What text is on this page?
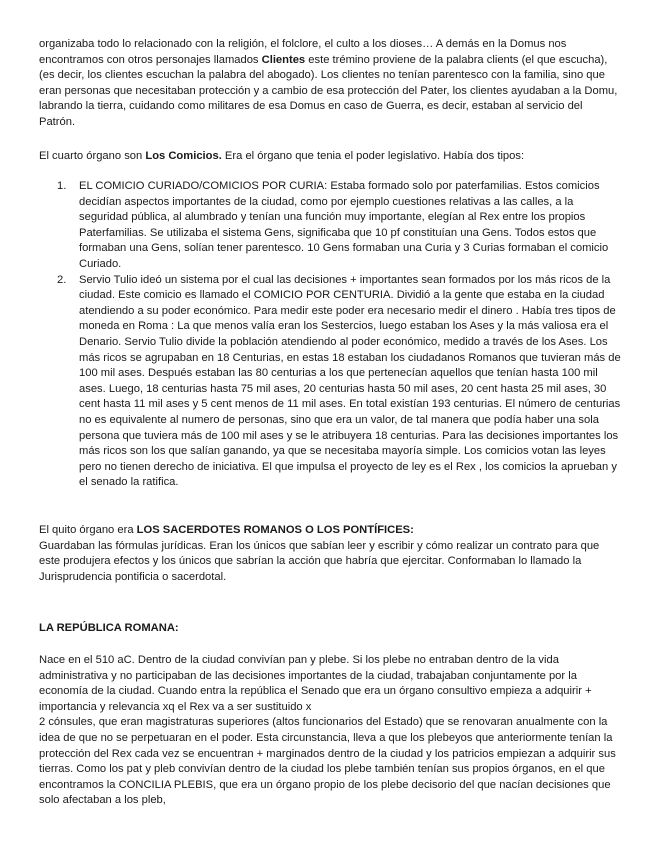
organizaba todo lo relacionado con la religión, el folclore, el culto a los dioses… A demás en la Domus nos encontramos con otros personajes llamados Clientes este trémino proviene de la palabra clients (el que escucha), (es decir, los clientes escuchan la palabra del abogado). Los clientes no tenían parentesco con la familia, sino que eran personas que necesitaban protección y a cambio de esa protección del Pater, los clientes ayudaban a la Domu, labrando la tierra, cuidando como militares de esa Domus en caso de Guerra, es decir, estaban al servicio del Patrón.

El cuarto órgano son Los Comicios. Era el órgano que tenia el poder legislativo. Había dos tipos:

1. EL COMICIO CURIADO/COMICIOS POR CURIA: Estaba formado solo por paterfamilias. Estos comicios decidían aspectos importantes de la ciudad, como por ejemplo cuestiones relativas a las calles, a la seguridad pública, al alumbrado y tenían una función muy importante, elegían al Rex entre los propios Paterfamilias. Se utilizaba el sistema Gens, significaba que 10 pf constituían una Gens. Todos estos que formaban una Gens, solían tener parentesco. 10 Gens formaban una Curia y 3 Curias formaban el comicio Curiado.
2. Servio Tulio ideó un sistema por el cual las decisiones + importantes sean formados por los más ricos de la ciudad. Este comicio es llamado el COMICIO POR CENTURIA. Dividió a la gente que estaba en la ciudad atendiendo a su poder económico. Para medir este poder era necesario medir el dinero . Había tres tipos de moneda en Roma : La que menos valía eran los Sestercios, luego estaban los Ases y la más valiosa era el Denario. Servio Tulio divide la población atendiendo al poder económico, medido a través de los Ases. Los más ricos se agrupaban en 18 Centurias, en estas 18 estaban los ciudadanos Romanos que tuvieran más de 100 mil ases. Después estaban las 80 centurias a los que pertenecían aquellos que tenían hasta 100 mil ases. Luego, 18 centurias hasta 75 mil ases, 20 centurias hasta 50 mil ases, 20 cent hasta 25 mil ases, 30 cent hasta 11 mil ases y 5 cent menos de 11 mil ases. En total existían 193 centurias. El número de centurias no es equivalente al numero de personas, sino que era un valor, de tal manera que podía haber una sola persona que tuviera más de 100 mil ases y se le atribuyera 18 centurias. Para las decisiones importantes los más ricos son los que salían ganando, ya que se necesitaba mayoría simple. Los comicios votan las leyes pero no tienen derecho de iniciativa. El que impulsa el proyecto de ley es el Rex , los comicios la aprueban y el senado la ratifica.

El quito órgano era LOS SACERDOTES ROMANOS O LOS PONTÍFICES:
Guardaban las fórmulas jurídicas. Eran los únicos que sabían leer y escribir y cómo realizar un contrato para que este produjera efectos y los únicos que sabrían la acción que habría que ejercitar. Conformaban lo llamado la Jurisprudencia pontificia o sacerdotal.

LA REPÚBLICA ROMANA:

Nace en el 510 aC. Dentro de la ciudad convivían pan y plebe. Si los plebe no entraban dentro de la vida administrativa y no participaban de las decisiones importantes de la ciudad, trabajaban conjuntamente por la economía de la ciudad. Cuando entra la república el Senado que era un órgano consultivo empieza a adquirir + importancia y relevancia xq el Rex va a ser sustituido x
2 cónsules, que eran magistraturas superiores (altos funcionarios del Estado) que se renovaran anualmente con la idea de que no se perpetuaran en el poder. Esta circunstancia, lleva a que los plebeyos que anteriormente tenían la protección del Rex cada vez se encuentran + marginados dentro de la ciudad y los patricios empiezan a adquirir sus tierras. Como los pat y pleb convivían dentro de la ciudad los plebe también tenían sus propios órganos, en el que encontramos la CONCILIA PLEBIS, que era un órgano propio de los plebe decisorio del que nacían decisiones que solo afectaban a los pleb,
